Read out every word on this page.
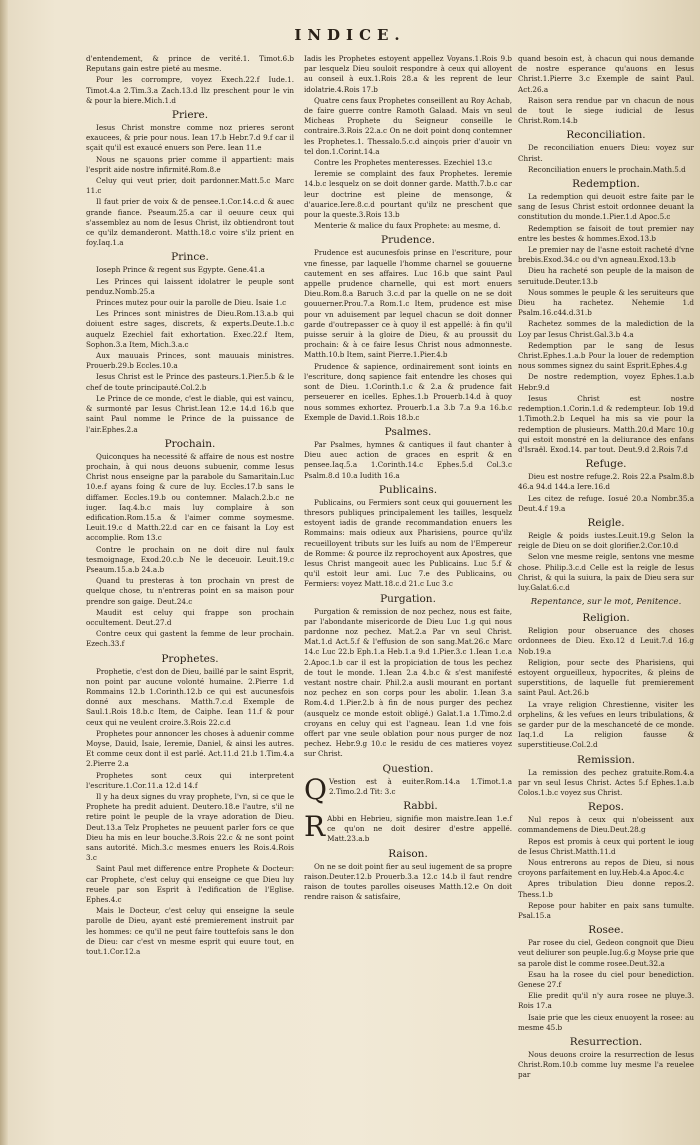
INDICE.
d'entendement, & prince de verité.1. Timot.6.b Reputans gain estre pieté au mesme.
Pour les corrompre, voyez Exech.22.f Iude.1. Timot.4.a 2.Tim.3.a Zach.13.d Ilz preschent pour le vin & pour la biere.Mich.1.d
Priere.
Iesus Christ monstre comme noz prieres seront exaucees, & prie pour nous. Iean 17.b Hebr.7.d 9.f car il sçait qu'il est exaucé enuers son Pere. Iean 11.e
Nous ne sçauons prier comme il appartient: mais l'esprit aide nostre infirmité.Rom.8.e
Celuy qui veut prier, doit pardonner.Matt.5.c Marc 11.c
Il faut prier de voix & de pensee.1.Cor.14.c.d & auec grande fiance. Pseaum.25.a car il oeuure ceux qui s'assemblez au nom de Iesus Christ, ilz obtiendront tout ce qu'ilz demanderont. Matth.18.c voire s'ilz prient en foy.Iaq.1.a
Prince.
Ioseph Prince & regent sus Egypte. Gene.41.a
Les Princes qui laissent idolatrer le peuple sont penduz.Nomb.25.a
Princes mutez pour ouir la parolle de Dieu. Isaie 1.c
Les Princes sont ministres de Dieu.Rom.13.a.b qui doiuent estre sages, discrets, & experts.Deute.1.b.c auquelz Ezechiel fait exhortation. Exec.22.f Item, Sophon.3.a Item, Mich.3.a.c
Aux mauuais Princes, sont mauuais ministres. Prouerb.29.b Eccles.10.a
Iesus Christ est le Prince des pasteurs.1.Pier.5.b & le chef de toute principauté.Col.2.b
Le Prince de ce monde, c'est le diable, qui est vaincu, & surmonté par Iesus Christ.Iean 12.e 14.d 16.b que saint Paul nomme le Prince de la puissance de l'air.Ephes.2.a
Prochain.
Quiconques ha necessité & affaire de nous est nostre prochain, à qui nous deuons subuenir, comme Iesus Christ nous enseigne par la parabole du Samaritain.Luc 10.e.f ayans foing & cure de luy. Eccles.17.b sans le diffamer. Eccles.19.b ou contemner. Malach.2.b.c ne iuger. Iaq.4.b.c mais luy complaire à son edification.Rom.15.a & l'aimer comme soymesme. Leuit.19.c d Matth.22.d car en ce faisant la Loy est accomplie. Rom 13.c
Contre le prochain on ne doit dire nul faulx tesmoignage, Exod.20.c.b Ne le deceuoir. Leuit.19.c Pseaum.15.a.b 24.a.b
Quand tu presteras à ton prochain vn prest de quelque chose, tu n'entreras point en sa maison pour prendre son gaige. Deut.24.c
Maudit est celuy qui frappe son prochain occultement. Deut.27.d
Contre ceux qui gastent la femme de leur prochain. Ezech.33.f
Prophetes.
Prophetie, c'est don de Dieu, baillé par le saint Esprit, non point par aucune volonté humaine. 2.Pierre 1.d Rommains 12.b 1.Corinth.12.b ce qui est aucunesfois donné aux meschans. Matth.7.c.d Exemple de Saul.1.Rois 18.b.c Item, de Caiphe. Iean 11.f & pour ceux qui ne veulent croire.3.Rois 22.c.d
Prophetes pour annoncer les choses à aduenir comme Moyse, Dauid, Isaie, Ieremie, Daniel, & ainsi les autres. Et comme ceux dont il est parlé. Act.11.d 21.b 1.Tim.4.a 2.Pierre 2.a
Prophetes sont ceux qui interpretent l'escriture.1.Cor.11.a 12.d 14.f
Il y ha deux signes du vray prophete, l'vn, si ce que le Prophete ha predit aduient. Deutero.18.e l'autre, s'il ne retire point le peuple de la vraye adoration de Dieu. Deut.13.a Telz Prophetes ne peuuent parler fors ce que Dieu ha mis en leur bouche.3.Rois 22.c & ne sont point sans autorité. Mich.3.c mesmes enuers les Rois.4.Rois 3.c
Saint Paul met difference entre Prophete & Docteur: car Prophete, c'est celuy qui enseigne ce que Dieu luy reuele par son Esprit à l'edification de l'Eglise. Ephes.4.c
Mais le Docteur, c'est celuy qui enseigne la seule parolle de Dieu, ayant esté premierement instruit par les hommes: ce qu'il ne peut faire touttefois sans le don de Dieu: car c'est vn mesme esprit qui euure tout, en tout.1.Cor.12.a
Iadis les Prophetes estoyent appellez Voyans.1.Rois 9.b par lesquelz Dieu souloit respondre à ceux qui alloyent au conseil à eux.1.Rois 28.a & les reprent de leur idolatrie.4.Rois 17.b
Quatre cens faux Prophetes conseillent au Roy Achab, de faire guerre contre Ramoth Galaad. Mais vn seul Micheas Prophete du Seigneur conseille le contraire.3.Rois 22.a.c On ne doit point donq contemner les Prophetes.1. Thessalo.5.c.d ainçois prier d'auoir vn tel don.1.Corint.14.a
Contre les Prophetes menteresses. Ezechiel 13.c
Ieremie se complaint des faux Prophetes. Ieremie 14.b.c lesquelz on se doit donner garde. Matth.7.b.c car leur doctrine est pleine de mensonge, & d'auarice.Iere.8.c.d pourtant qu'ilz ne preschent que pour la queste.3.Rois 13.b
Menterie & malice du faux Prophete: au mesme, d.
Prudence.
Prudence est aucunesfois prinse en l'escriture, pour vne finesse, par laquelle l'homme charnel se gouuerne cautement en ses affaires. Luc 16.b que saint Paul appelle prudence charnelle, qui est mort enuers Dieu.Rom.8.a Baruch 3.c.d par la quelle on ne se doit gouuerner.Prou.7.a Rom.1.c Item, prudence est mise pour vn aduisement par lequel chacun se doit donner garde d'outrepasser ce à quoy il est appellé: à fin qu'il puisse seruir à la gloire de Dieu, & au proussit du prochain: & à ce faire Iesus Christ nous admonneste. Matth.10.b Item, saint Pierre.1.Pier.4.b
Prudence & sapience, ordinairement sont ioints en l'escriture, donq sapience fait entendre les choses qui sont de Dieu. 1.Corinth.1.c & 2.a & prudence fait perseuerer en icelles. Ephes.1.b Prouerb.14.d à quoy nous sommes exhortez. Prouerb.1.a 3.b 7.a 9.a 16.b.c Exemple de David.1.Rois 18.b.c
Psalmes.
Par Psalmes, hymnes & cantiques il faut chanter à Dieu auec action de graces en esprit & en pensee.Iaq.5.a 1.Corinth.14.c Ephes.5.d Col.3.c Psalm.8.d 10.a Iudith 16.a
Publicains.
Publicains, ou Fermiers sont ceux qui gouuernent les thresors publiques principalement les tailles, lesquelz estoyent iadis de grande recommandation enuers les Rommains: mais odieux aux Pharisiens, pource qu'ilz recueilloyent tributs sur les Iuifs au nom de l'Empereur de Romme: & pource ilz reprochoyent aux Apostres, que Iesus Christ mangeoit auec les Publicains. Luc 5.f & qu'il estoit leur ami. Luc 7.e des Publicains, ou Fermiers: voyez Matt.18.c.d 21.c Luc 3.c
Purgation.
Purgation & remission de noz pechez, nous est faite, par l'abondante misericorde de Dieu Luc 1.g qui nous pardonne noz pechez. Mat.2.a Par vn seul Christ. Mat.1.d Act.5.f & l'effusion de son sang.Mat.26.c Marc 14.c Luc 22.b Eph.1.a Heb.1.a 9.d 1.Pier.3.c 1.Iean 1.c.a 2.Apoc.1.b car il est la propiciation de tous les pechez de tout le monde. 1.Iean 2.a 4.b.c & s'est manifesté vestant nostre chair. Phil.2.a ausli mourant en portant noz pechez en son corps pour les abolir. 1.Iean 3.a Rom.4.d 1.Pier.2.b à fin de nous purger des pechez (ausquelz ce monde estoit obligé.) Galat.1.a 1.Timo.2.d croyans en celuy qui est l'agneau. Iean 1.d vne fois offert par vne seule oblation pour nous purger de noz pechez. Hebr.9.g 10.c le residu de ces matieres voyez sur Christ.
Question.
Q Vestion est à euiter.Rom.14.a 1.Timot.1.a 2.Timo.2.d Tit: 3.c
Rabbi.
R Abbi en Hebrieu, signifie mon maistre.Iean 1.e.f ce qu'on ne doit desirer d'estre appellé. Matt.23.a.b
Raison.
On ne se doit point fier au seul iugement de sa propre raison.Deuter.12.b Prouerb.3.a 12.c 14.b il faut rendre raison de toutes parolles oiseuses Matth.12.e On doit rendre raison & satisfaire,
quand besoin est, à chacun qui nous demande de nostre esperance qu'auons en Iesus Christ.1.Pierre 3.c Exemple de saint Paul. Act.26.a
Raison sera rendue par vn chacun de nous de tout le siege iudicial de Iesus Christ.Rom.14.b
Reconciliation.
De reconciliation enuers Dieu: voyez sur Christ.
Reconciliation enuers le prochain.Math.5.d
Redemption.
La redemption qui deuoit estre faite par le sang de Iesus Christ estoit ordonnee deuant la constitution du monde.1.Pier.1.d Apoc.5.c
Redemption se faisoit de tout premier nay entre les bestes & hommes.Exod.13.b
Le premier nay de l'asne estoit racheté d'vne brebis.Exod.34.c ou d'vn agneau.Exod.13.b
Dieu ha racheté son peuple de la maison de seruitude.Deuter.13.b
Nous sommes le peuple & les seruiteurs que Dieu ha rachetez. Nehemie 1.d Psalm.16.c44.d.31.b
Rachetez sommes de la malediction de la Loy par Iesus Christ.Gal.3.b 4.a
Redemption par le sang de Iesus Christ.Ephes.1.a.b Pour la louer de redemption nous sommes signez du saint Esprit.Ephes.4.g
De nostre redemption, voyez Ephes.1.a.b Hebr.9.d
Iesus Christ est nostre redemption.1.Corin.1.d & redempteur. Iob 19.d 1.Timoth.2.b Lequel ha mis sa vie pour la redemption de plusieurs. Matth.20.d Marc 10.g qui estoit monstré en la deliurance des enfans d'Israël. Exod.14. par tout. Deut.9.d 2.Rois 7.d
Refuge.
Dieu est nostre refuge.2. Rois 22.a Psalm.8.b 46.a 94.d 144.a Iere.16.d
Les citez de refuge. Iosué 20.a Nombr.35.a Deut.4.f 19.a
Reigle.
Reigle & poids iustes.Leuit.19.g Selon la reigle de Dieu on se doit glorifier.2.Cor.10.d
Selon vne mesme reigle, sentons vne mesme chose. Philip.3.c.d Celle est la reigle de Iesus Christ, & qui la suiura, la paix de Dieu sera sur luy.Galat.6.c.d
Repentance, sur le mot, Penitence.
Religion.
Religion pour obseruance des choses ordonnees de Dieu. Exo.12 d Leuit.7.d 16.g Nob.19.a
Religion, pour secte des Pharisiens, qui estoyent orgueilleux, hypocrites, & pleins de superstitions, de laquelle fut premierement saint Paul. Act.26.b
La vraye religion Chrestienne, visiter les orphelins, & les vefues en leurs tribulations, & se garder pur de la meschanceté de ce monde. Iaq.1.d La religion fausse & superstitieuse.Col.2.d
Remission.
La remission des pechez gratuite.Rom.4.a par vn seul Iesus Christ. Actes 5.f Ephes.1.a.b Colos.1.b.c voyez sus Christ.
Repos.
Nul repos à ceux qui n'obeissent aux commandemens de Dieu.Deut.28.g
Repos est promis à ceux qui portent le ioug de Iesus Christ.Matth.11.d
Nous entrerons au repos de Dieu, si nous croyons parfaitement en luy.Heb.4.a Apoc.4.c
Apres tribulation Dieu donne repos.2. Thess.1.b
Repose pour habiter en paix sans tumulte. Psal.15.a
Rosee.
Par rosee du ciel, Gedeon congnoit que Dieu veut deliurer son peuple.Iug.6.g Moyse prie que sa parole dist le comme rosee.Deut.32.a
Esau ha la rosee du ciel pour benediction. Genese 27.f
Elie predit qu'il n'y aura rosee ne pluye.3. Rois 17.a
Isaie prie que les cieux enuoyent la rosee: au mesme 45.b
Resurrection.
Nous deuons croire la resurrection de Iesus Christ.Rom.10.b comme luy mesme l'a reuelee par
